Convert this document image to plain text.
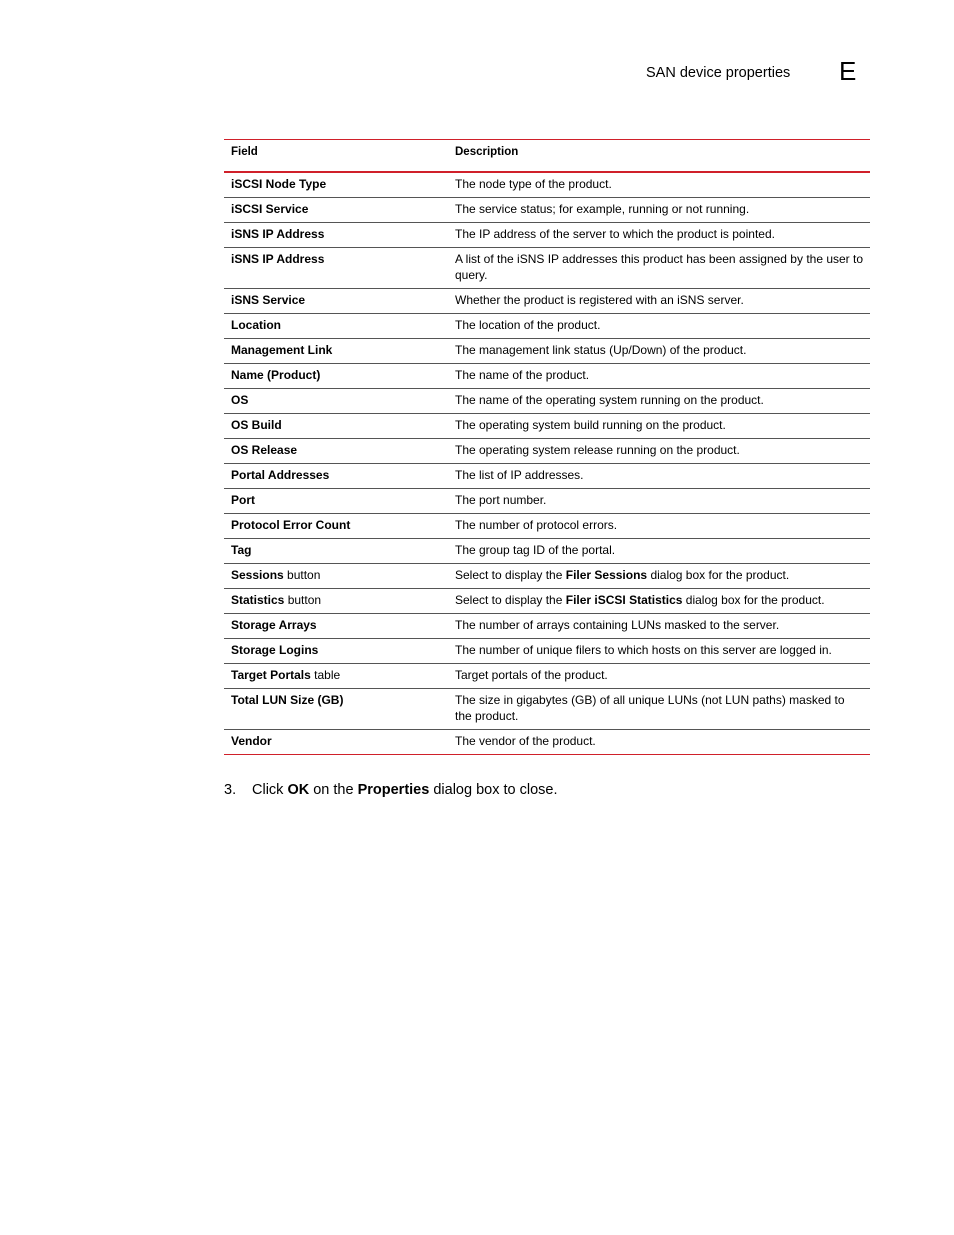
SAN device properties E
Field	Description
iSCSI Node Type	The node type of the product.
iSCSI Service	The service status; for example, running or not running.
iSNS IP Address	The IP address of the server to which the product is pointed.
iSNS IP Address	A list of the iSNS IP addresses this product has been assigned by the user to query.
iSNS Service	Whether the product is registered with an iSNS server.
Location	The location of the product.
Management Link	The management link status (Up/Down) of the product.
Name (Product)	The name of the product.
OS	The name of the operating system running on the product.
OS Build	The operating system build running on the product.
OS Release	The operating system release running on the product.
Portal Addresses	The list of IP addresses.
Port	The port number.
Protocol Error Count	The number of protocol errors.
Tag	The group tag ID of the portal.
Sessions button	Select to display the Filer Sessions dialog box for the product.
Statistics button	Select to display the Filer iSCSI Statistics dialog box for the product.
Storage Arrays	The number of arrays containing LUNs masked to the server.
Storage Logins	The number of unique filers to which hosts on this server are logged in.
Target Portals table	Target portals of the product.
Total LUN Size (GB)	The size in gigabytes (GB) of all unique LUNs (not LUN paths) masked to the product.
Vendor	The vendor of the product.
3. Click OK on the Properties dialog box to close.
